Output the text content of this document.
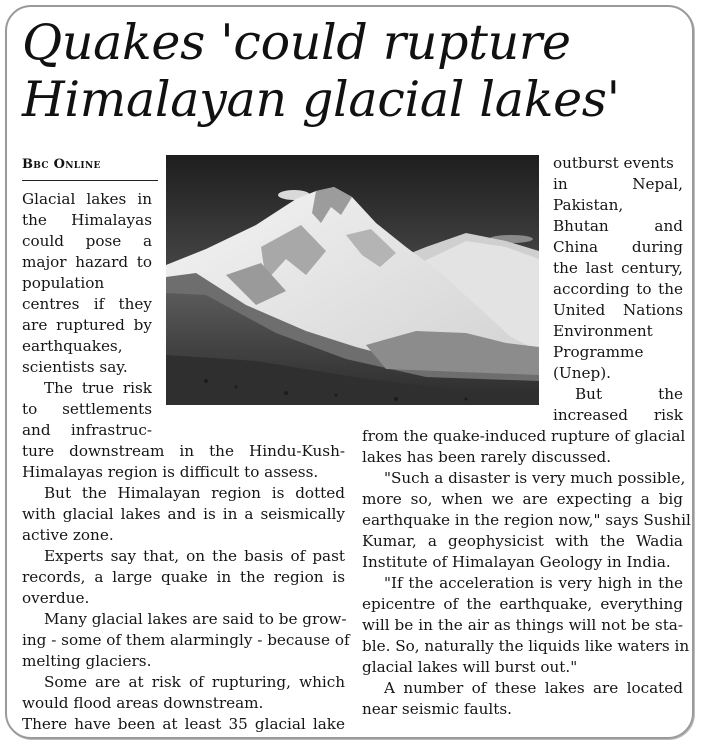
Quakes 'could rupture
Himalayan glacial lakes'
Bbc Online

Glacial lakes in

the Himalayas

could pose a

major hazard to

population

centres if they

are ruptured by

earthquakes,

scientists say.

The true risk

to settlements

and infrastruc-

ture downstream in the Hindu-Kush-

Himalayas region is difficult to assess.

But the Himalayan region is dotted

with glacial lakes and is in a seismically

active zone.

Experts say that, on the basis of past

records, a large quake in the region is

overdue.

Many glacial lakes are said to be grow-

ing - some of them alarmingly - because of

melting glaciers.

Some are at risk of rupturing, which

would flood areas downstream.

There have been at least 35 glacial lake

outburst events

in Nepal,

Pakistan,

Bhutan and

China during

the last century,

according to the

United Nations

Environment

Programme

(Unep).

But the

increased risk

from the quake-induced rupture of glacial

lakes has been rarely discussed.

"Such a disaster is very much possible,

more so, when we are expecting a big

earthquake in the region now," says Sushil

Kumar, a geophysicist with the Wadia

Institute of Himalayan Geology in India.

"If the acceleration is very high in the

epicentre of the earthquake, everything

will be in the air as things will not be sta-

ble. So, naturally the liquids like waters in

glacial lakes will burst out."

A number of these lakes are located

near seismic faults.
